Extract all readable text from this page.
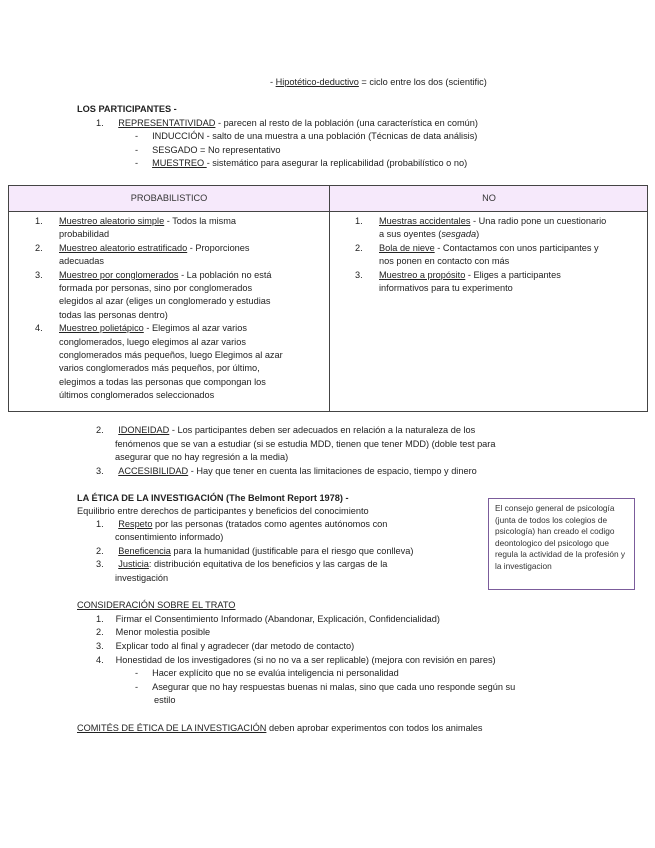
- Hipotético-deductivo = ciclo entre los dos (scientific)
LOS PARTICIPANTES -
1. REPRESENTATIVIDAD - parecen al resto de la población (una característica en común)
- INDUCCIÓN - salto de una muestra a una población (Técnicas de data análisis)
- SESGADO = No representativo
- MUESTREO - sistemático para asegurar la replicabilidad (probabilístico o no)
PROBABILISTICO	NO
1. Muestreo aleatorio simple - Todos la misma
probabilidad
2. Muestreo aleatorio estratificado - Proporciones
adecuadas
3. Muestreo por conglomerados - La población no está
formada por personas, sino por conglomerados
elegidos al azar (eliges un conglomerado y estudias
todas las personas dentro)
4. Muestreo polietápico - Elegimos al azar varios
conglomerados, luego elegimos al azar varios
conglomerados más pequeños, luego Elegimos al azar
varios conglomerados más pequeños, por último,
elegimos a todas las personas que compongan los
últimos conglomerados seleccionados
1. Muestras accidentales - Una radio pone un cuestionario
a sus oyentes (sesgada)
2. Bola de nieve - Contactamos con unos participantes y
nos ponen en contacto con más
3. Muestreo a propósito - Eliges a participantes
informativos para tu experimento
2. IDONEIDAD - Los participantes deben ser adecuados en relación a la naturaleza de los
fenómenos que se van a estudiar (si se estudia MDD, tienen que tener MDD) (doble test para
asegurar que no hay regresión a la media)
3. ACCESIBILIDAD - Hay que tener en cuenta las limitaciones de espacio, tiempo y dinero
LA ÉTICA DE LA INVESTIGACIÓN (The Belmont Report 1978) -
Equilibrio entre derechos de participantes y beneficios del conocimiento
1. Respeto por las personas (tratados como agentes autónomos con
consentimiento informado)
2. Beneficencia para la humanidad (justificable para el riesgo que conlleva)
3. Justicia: distribución equitativa de los beneficios y las cargas de la
investigación
El consejo general de psicología (junta de todos los colegios de psicología) han creado el codigo deontologico del psicologo que regula la actividad de la profesión y la investigacion
CONSIDERACIÓN SOBRE EL TRATO
1. Firmar el Consentimiento Informado (Abandonar, Explicación, Confidencialidad)
2. Menor molestia posible
3. Explicar todo al final y agradecer (dar metodo de contacto)
4. Honestidad de los investigadores (si no no va a ser replicable) (mejora con revisión en pares)
- Hacer explícito que no se evalúa inteligencia ni personalidad
- Asegurar que no hay respuestas buenas ni malas, sino que cada uno responde según su
estilo
COMITÉS DE ÉTICA DE LA INVESTIGACIÓN deben aprobar experimentos con todos los animales
